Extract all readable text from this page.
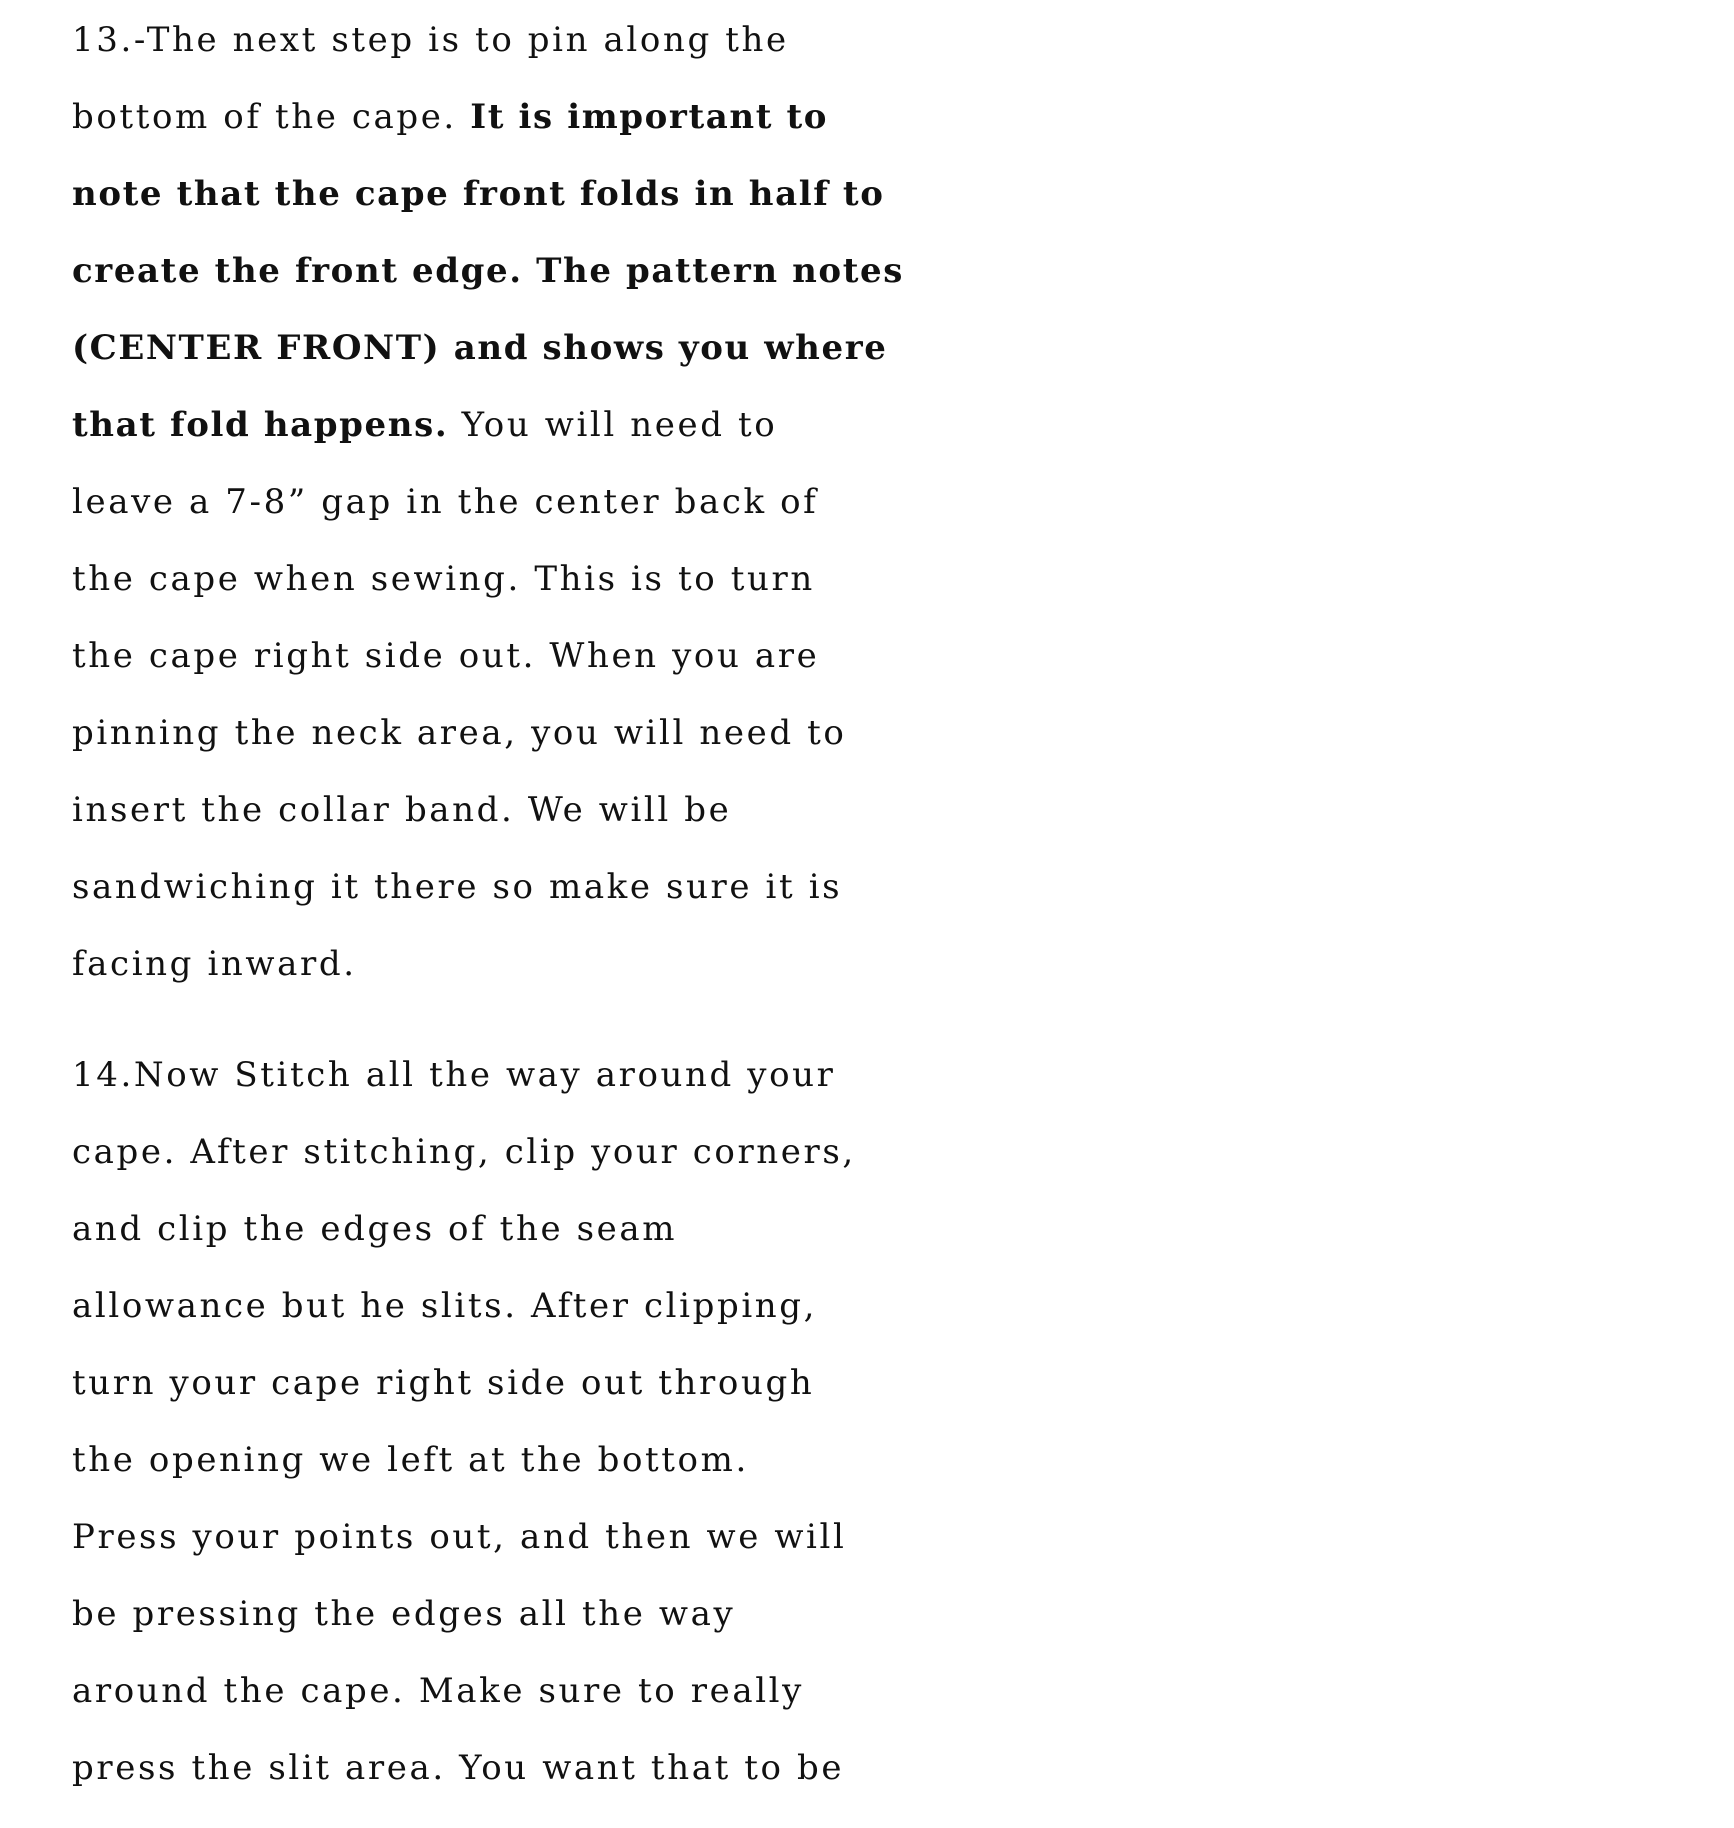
13.-The next step is to pin along the
bottom of the cape. It is important to
note that the cape front folds in half to
create the front edge. The pattern notes
(CENTER FRONT) and shows you where
that fold happens. You will need to
leave a 7-8” gap in the center back of
the cape when sewing. This is to turn
the cape right side out. When you are
pinning the neck area, you will need to
insert the collar band. We will be
sandwiching it there so make sure it is
facing inward.
14.Now Stitch all the way around your
cape. After stitching, clip your corners,
and clip the edges of the seam
allowance but he slits. After clipping,
turn your cape right side out through
the opening we left at the bottom.
Press your points out, and then we will
be pressing the edges all the way
around the cape. Make sure to really
press the slit area. You want that to be
